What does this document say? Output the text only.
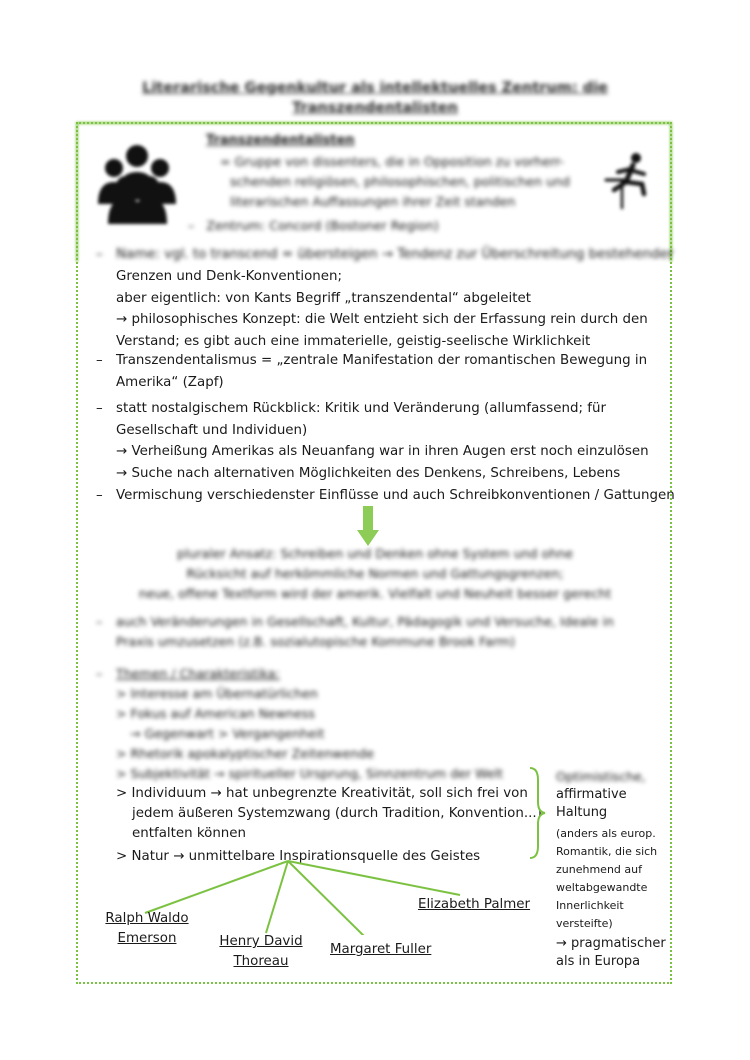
Literarische Gegenkultur als intellektuelles Zentrum: die
Transzendentalisten
Transzendentalisten
= Gruppe von dissenters, die in Opposition zu vorherr-
schenden religiösen, philosophischen, politischen und
literarischen Auffassungen ihrer Zeit standen
–   Zentrum: Concord (Bostoner Region)
– Name: vgl. to transcend = übersteigen → Tendenz zur Überschreitung bestehender
Grenzen und Denk-Konventionen;
aber eigentlich: von Kants Begriff „transzendental“ abgeleitet
→ philosophisches Konzept: die Welt entzieht sich der Erfassung rein durch den
Verstand; es gibt auch eine immaterielle, geistig-seelische Wirklichkeit
– Transzendentalismus = „zentrale Manifestation der romantischen Bewegung in
Amerika“ (Zapf)
– statt nostalgischem Rückblick: Kritik und Veränderung (allumfassend; für
Gesellschaft und Individuen)
→ Verheißung Amerikas als Neuanfang war in ihren Augen erst noch einzulösen
→ Suche nach alternativen Möglichkeiten des Denkens, Schreibens, Lebens
– Vermischung verschiedenster Einflüsse und auch Schreibkonventionen / Gattungen
pluraler Ansatz: Schreiben und Denken ohne System und ohne
Rücksicht auf herkömmliche Normen und Gattungsgrenzen;
neue, offene Textform wird der amerik. Vielfalt und Neuheit besser gerecht
– auch Veränderungen in Gesellschaft, Kultur, Pädagogik und Versuche, Ideale in
Praxis umzusetzen (z.B. sozialutopische Kommune Brook Farm)
– Themen / Charakteristika:
> Interesse am Übernatürlichen
> Fokus auf American Newness
→ Gegenwart > Vergangenheit
> Rhetorik apokalyptischer Zeitenwende
> Subjektivität → spiritueller Ursprung, Sinnzentrum der Welt
> Individuum → hat unbegrenzte Kreativität, soll sich frei von
jedem äußeren Systemzwang (durch Tradition, Konvention...)
entfalten können
> Natur → unmittelbare Inspirationsquelle des Geistes
Optimistische,
affirmative
Haltung
(anders als europ.
Romantik, die sich
zunehmend auf
weltabgewandte
Innerlichkeit
versteifte)
→ pragmatischer
als in Europa
Ralph Waldo
Emerson	Henry David
Thoreau
Margaret Fuller
Elizabeth Palmer
